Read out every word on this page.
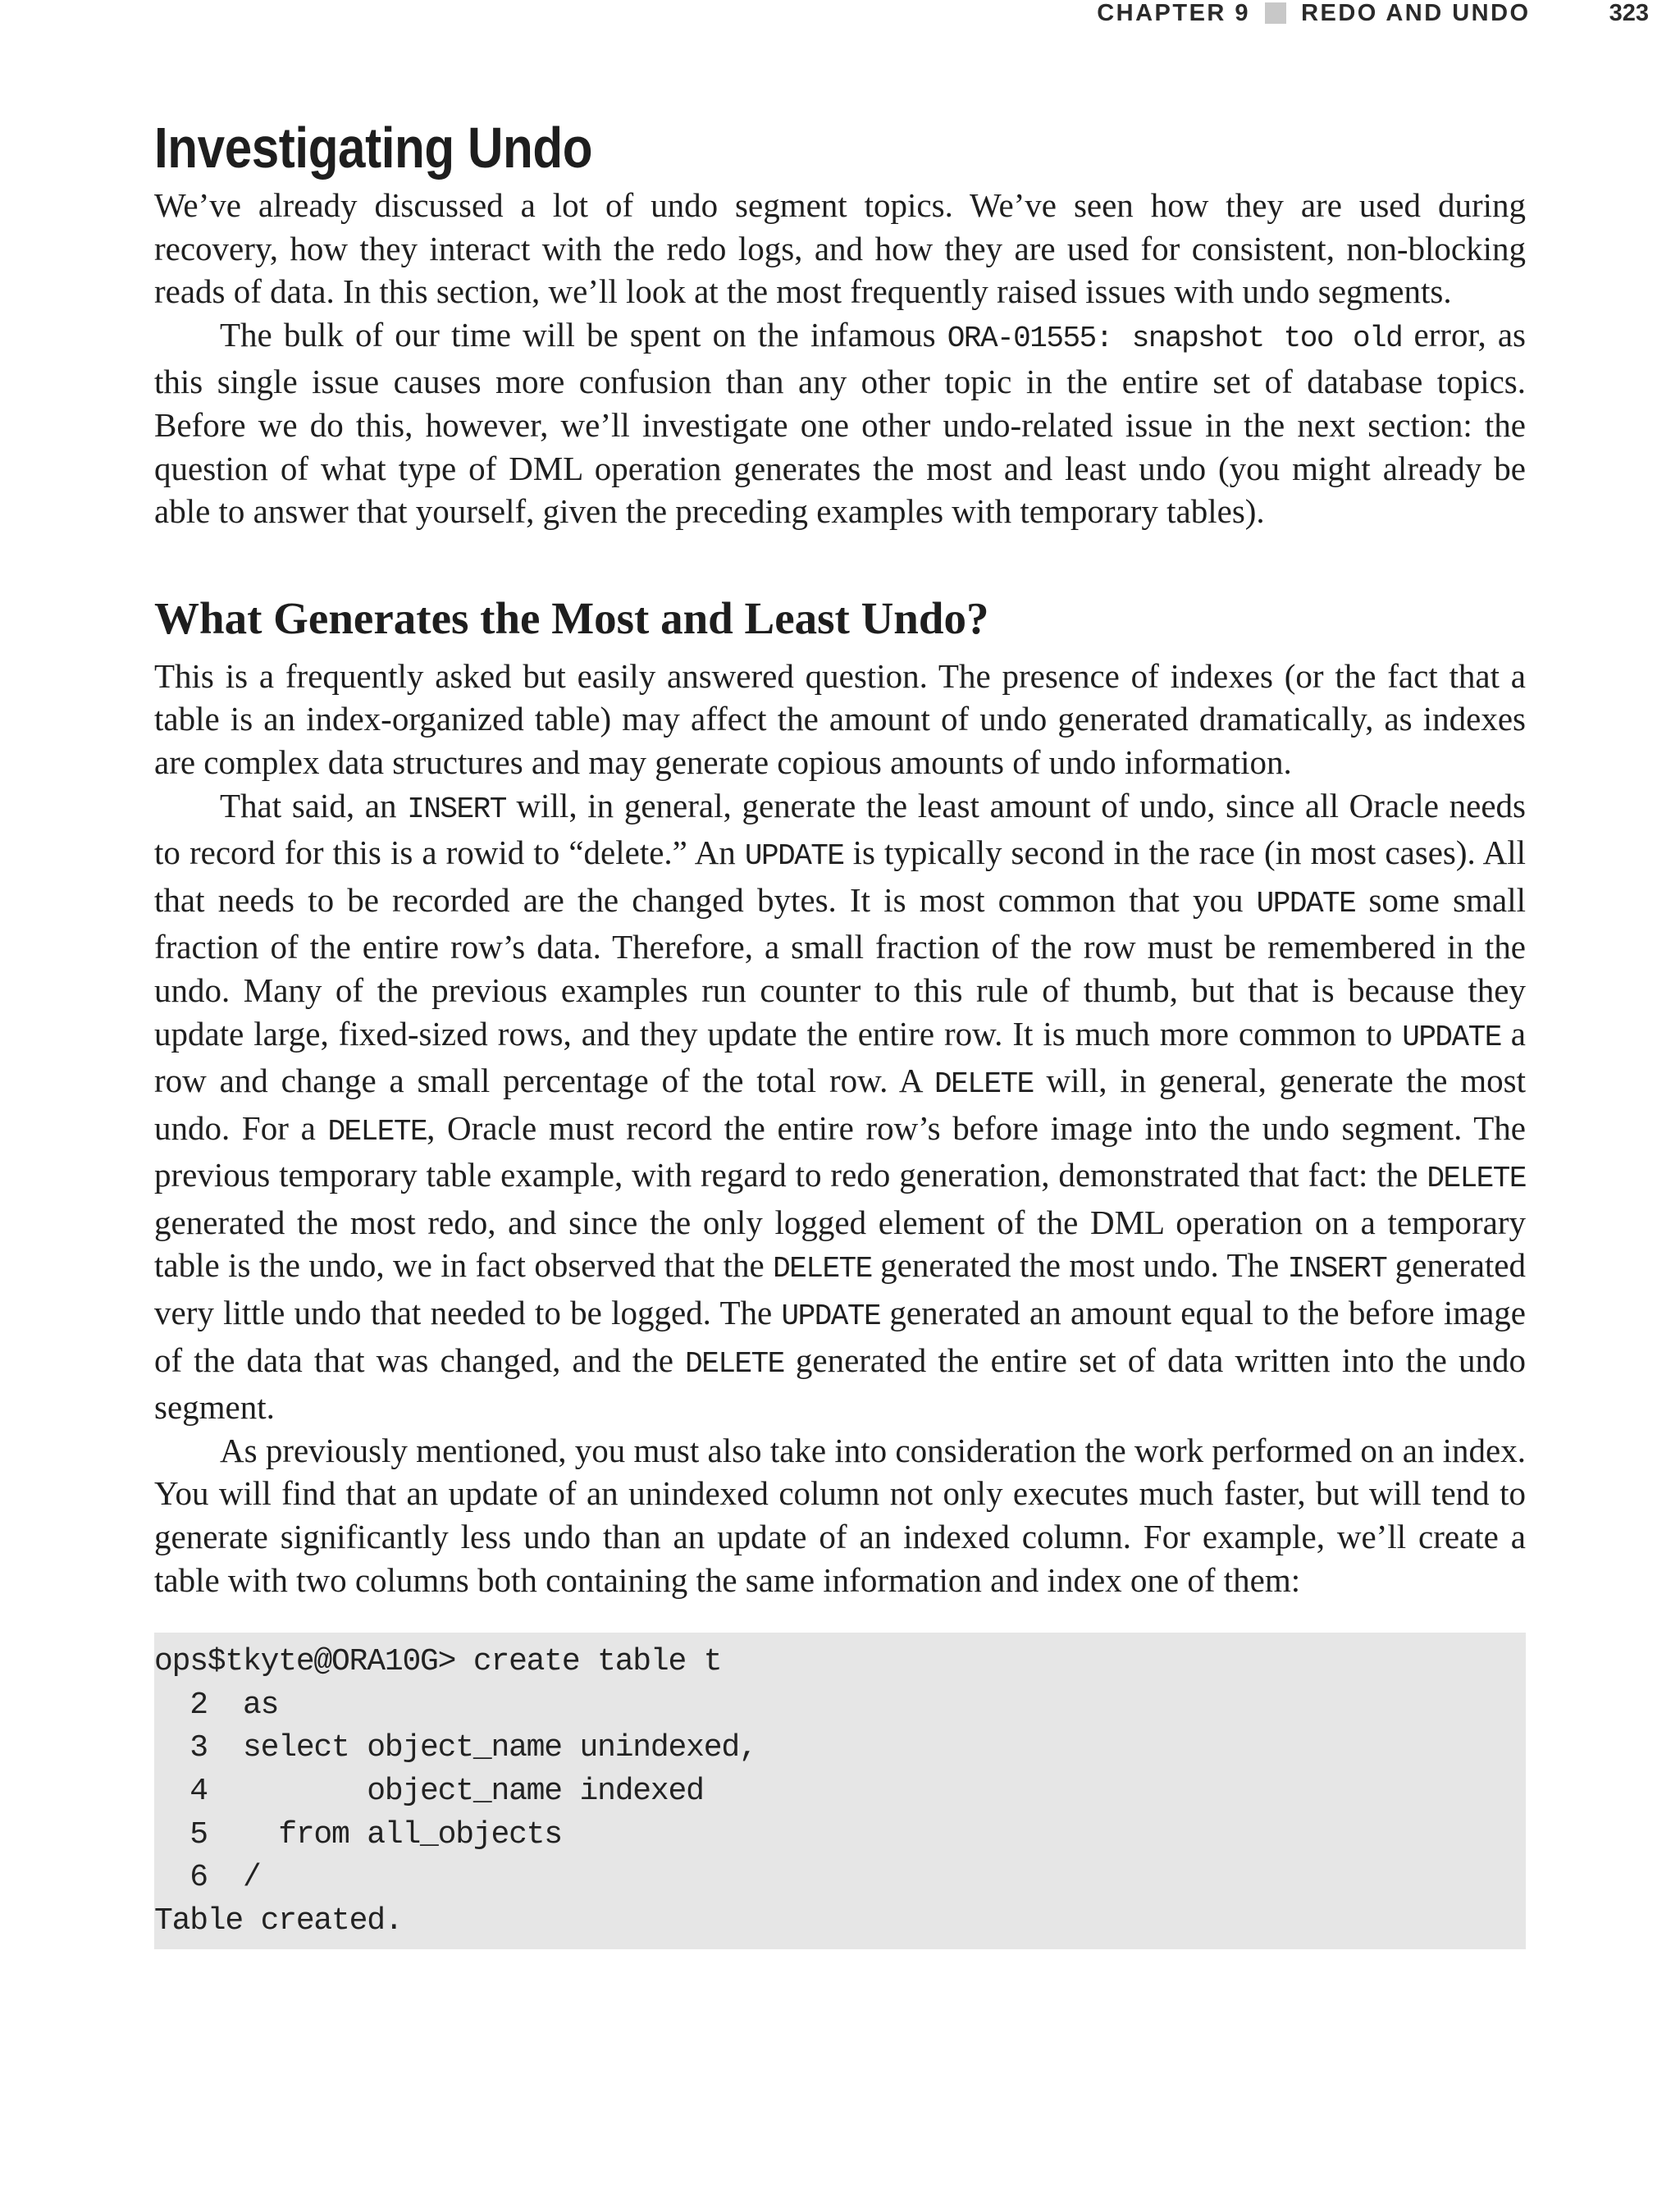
CHAPTER 9 REDO AND UNDO	323
Investigating Undo

We’ve already discussed a lot of undo segment topics. We’ve seen how they are used during recovery, how they interact with the redo logs, and how they are used for consistent, non-blocking reads of data. In this section, we’ll look at the most frequently raised issues with undo segments.

The bulk of our time will be spent on the infamous ORA-01555: snapshot too old error, as this single issue causes more confusion than any other topic in the entire set of database topics. Before we do this, however, we’ll investigate one other undo-related issue in the next section: the question of what type of DML operation generates the most and least undo (you might already be able to answer that yourself, given the preceding examples with temporary tables).

What Generates the Most and Least Undo?

This is a frequently asked but easily answered question. The presence of indexes (or the fact that a table is an index-organized table) may affect the amount of undo generated dramatically, as indexes are complex data structures and may generate copious amounts of undo information.

That said, an INSERT will, in general, generate the least amount of undo, since all Oracle needs to record for this is a rowid to “delete.” An UPDATE is typically second in the race (in most cases). All that needs to be recorded are the changed bytes. It is most common that you UPDATE some small fraction of the entire row’s data. Therefore, a small fraction of the row must be remembered in the undo. Many of the previous examples run counter to this rule of thumb, but that is because they update large, fixed-sized rows, and they update the entire row. It is much more common to UPDATE a row and change a small percentage of the total row. A DELETE will, in general, generate the most undo. For a DELETE, Oracle must record the entire row’s before image into the undo segment. The previous temporary table example, with regard to redo generation, demonstrated that fact: the DELETE generated the most redo, and since the only logged element of the DML operation on a temporary table is the undo, we in fact observed that the DELETE generated the most undo. The INSERT generated very little undo that needed to be logged. The UPDATE generated an amount equal to the before image of the data that was changed, and the DELETE generated the entire set of data written into the undo segment.

As previously mentioned, you must also take into consideration the work performed on an index. You will find that an update of an unindexed column not only executes much faster, but will tend to generate significantly less undo than an update of an indexed column. For example, we’ll create a table with two columns both containing the same information and index one of them:

ops$tkyte@ORA10G> create table t
2  as
3  select object_name unindexed,
4         object_name indexed
5    from all_objects
6  /
Table created.
